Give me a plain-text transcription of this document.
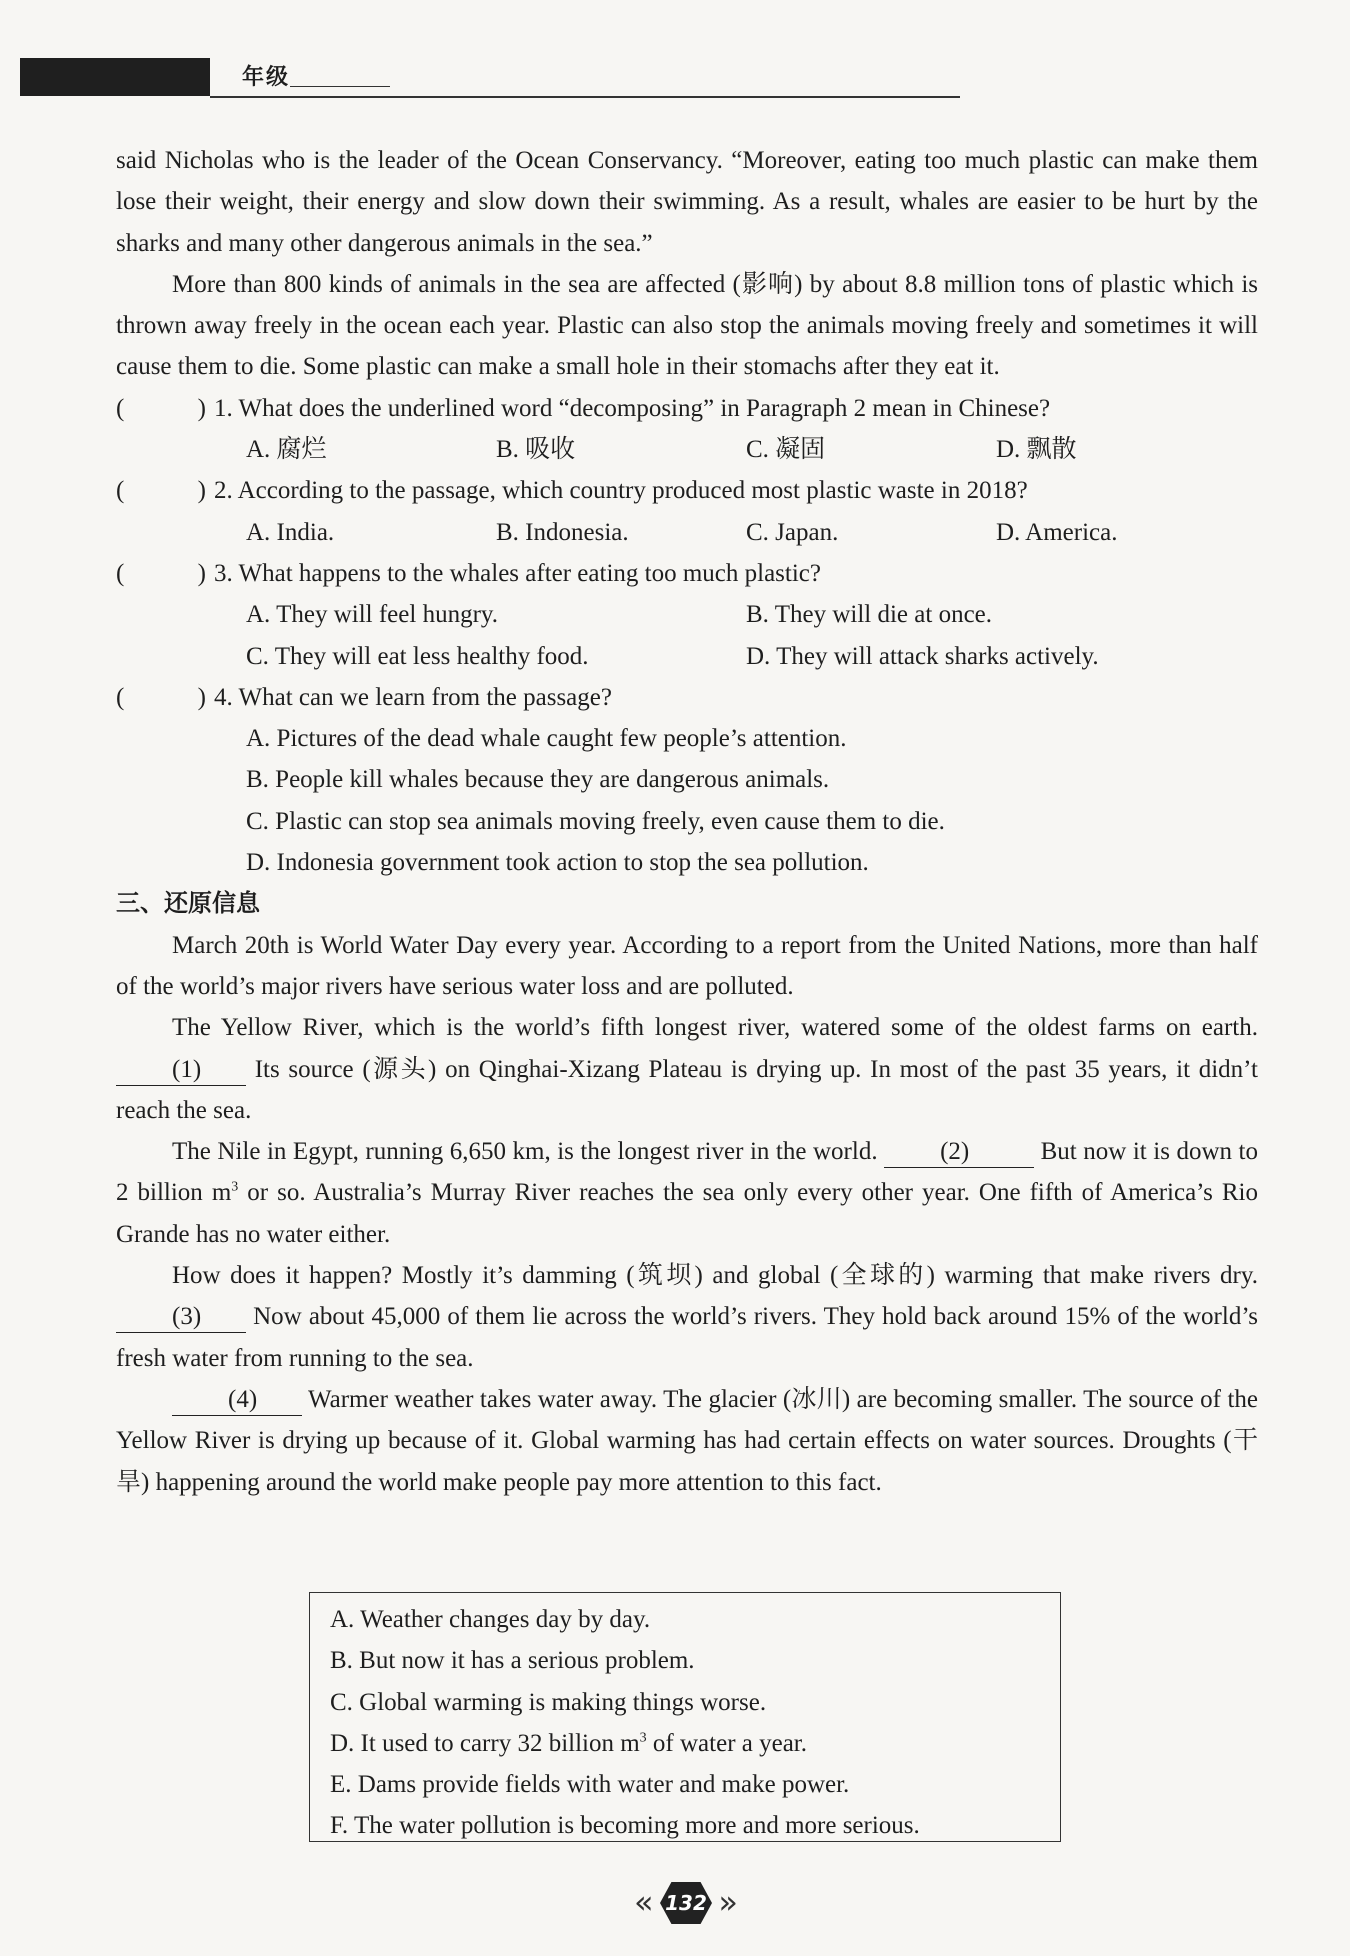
年级

said Nicholas who is the leader of the Ocean Conservancy. “Moreover, eating too much plastic can make them lose their weight, their energy and slow down their swimming. As a result, whales are easier to be hurt by the sharks and many other dangerous animals in the sea.”

More than 800 kinds of animals in the sea are affected (影响) by about 8.8 million tons of plastic which is thrown away freely in the ocean each year. Plastic can also stop the animals moving freely and sometimes it will cause them to die. Some plastic can make a small hole in their stomachs after they eat it.

(	) 1. What does the underlined word “decomposing” in Paragraph 2 mean in Chinese?
A. 腐烂	B. 吸收	C. 凝固	D. 飘散
(	) 2. According to the passage, which country produced most plastic waste in 2018?
A. India.	B. Indonesia.	C. Japan.	D. America.
(	) 3. What happens to the whales after eating too much plastic?
A. They will feel hungry.	B. They will die at once.
C. They will eat less healthy food.	D. They will attack sharks actively.
(	) 4. What can we learn from the passage?
A. Pictures of the dead whale caught few people’s attention.
B. People kill whales because they are dangerous animals.
C. Plastic can stop sea animals moving freely, even cause them to die.
D. Indonesia government took action to stop the sea pollution.

三、还原信息

March 20th is World Water Day every year. According to a report from the United Nations, more than half of the world’s major rivers have serious water loss and are polluted.

The Yellow River, which is the world’s fifth longest river, watered some of the oldest farms on earth. (1) Its source (源头) on Qinghai-Xizang Plateau is drying up. In most of the past 35 years, it didn’t reach the sea.

The Nile in Egypt, running 6,650 km, is the longest river in the world. (2)	But now it is down to 2 billion $m^3$ or so. Australia’s Murray River reaches the sea only every other year. One fifth of America’s Rio Grande has no water either.

How does it happen? Mostly it’s damming (筑坝) and global (全球的) warming that make rivers dry. (3) Now about 45,000 of them lie across the world’s rivers. They hold back around 15% of the world’s fresh water from running to the sea.

(4) Warmer weather takes water away. The glacier (冰川) are becoming smaller. The source of the Yellow River is drying up because of it. Global warming has had certain effects on water sources. Droughts (干旱) happening around the world make people pay more attention to this fact.

A. Weather changes day by day.
B. But now it has a serious problem.
C. Global warming is making things worse.
D. It used to carry 32 billion $m^3$ of water a year.
E. Dams provide fields with water and make power.
F. The water pollution is becoming more and more serious.
« 132 »
